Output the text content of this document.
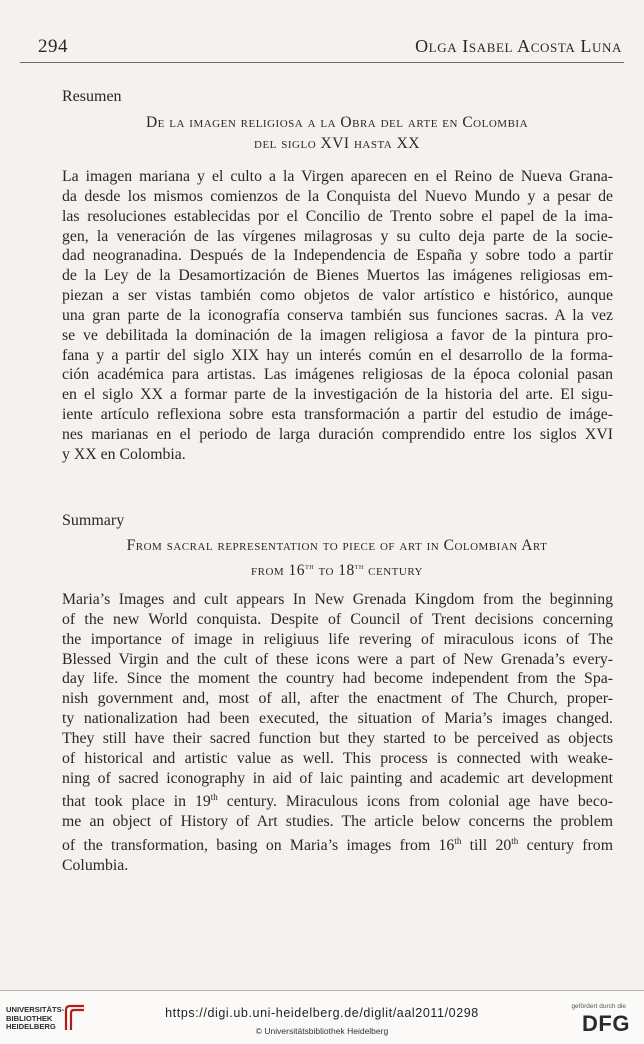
294	Olga Isabel Acosta Luna
Resumen
De la imagen religiosa a la Obra del arte en Colombia
del siglo XVI hasta XX
La imagen mariana y el culto a la Virgen aparecen en el Reino de Nueva Grana-
da desde los mismos comienzos de la Conquista del Nuevo Mundo y a pesar de
las resoluciones establecidas por el Concilio de Trento sobre el papel de la ima-
gen, la veneración de las vírgenes milagrosas y su culto deja parte de la socie-
dad neogranadina. Después de la Independencia de España y sobre todo a partir
de la Ley de la Desamortización de Bienes Muertos las imágenes religiosas em-
piezan a ser vistas también como objetos de valor artístico e histórico, aunque
una gran parte de la iconografía conserva también sus funciones sacras. A la vez
se ve debilitada la dominación de la imagen religiosa a favor de la pintura pro-
fana y a partir del siglo XIX hay un interés común en el desarrollo de la forma-
ción académica para artistas. Las imágenes religiosas de la época colonial pasan
en el siglo XX a formar parte de la investigación de la historia del arte. El sigu-
iente artículo reflexiona sobre esta transformación a partir del estudio de imáge-
nes marianas en el periodo de larga duración comprendido entre los siglos XVI
y XX en Colombia.
Summary
From sacral representation to piece of art in Colombian Art
from 16th to 18th century
Maria’s Images and cult appears In New Grenada Kingdom from the beginning
of the new World conquista. Despite of Council of Trent decisions concerning
the importance of image in religiuus life revering of miraculous icons of The
Blessed Virgin and the cult of these icons were a part of New Grenada’s every-
day life. Since the moment the country had become independent from the Spa-
nish government and, most of all, after the enactment of The Church, proper-
ty nationalization had been executed, the situation of Maria’s images changed.
They still have their sacred function but they started to be perceived as objects
of historical and artistic value as well. This process is connected with weake-
ning of sacred iconography in aid of laic painting and academic art development
that took place in 19th century. Miraculous icons from colonial age have beco-
me an object of History of Art studies. The article below concerns the problem
of the transformation, basing on Maria’s images from 16th till 20th century from
Columbia.
UNIVERSITÄTS-
BIBLIOTHEK
HEIDELBERG
https://digi.ub.uni-heidelberg.de/diglit/aal2011/0298
© Universitätsbibliothek Heidelberg
gefördert durch die
DFG
